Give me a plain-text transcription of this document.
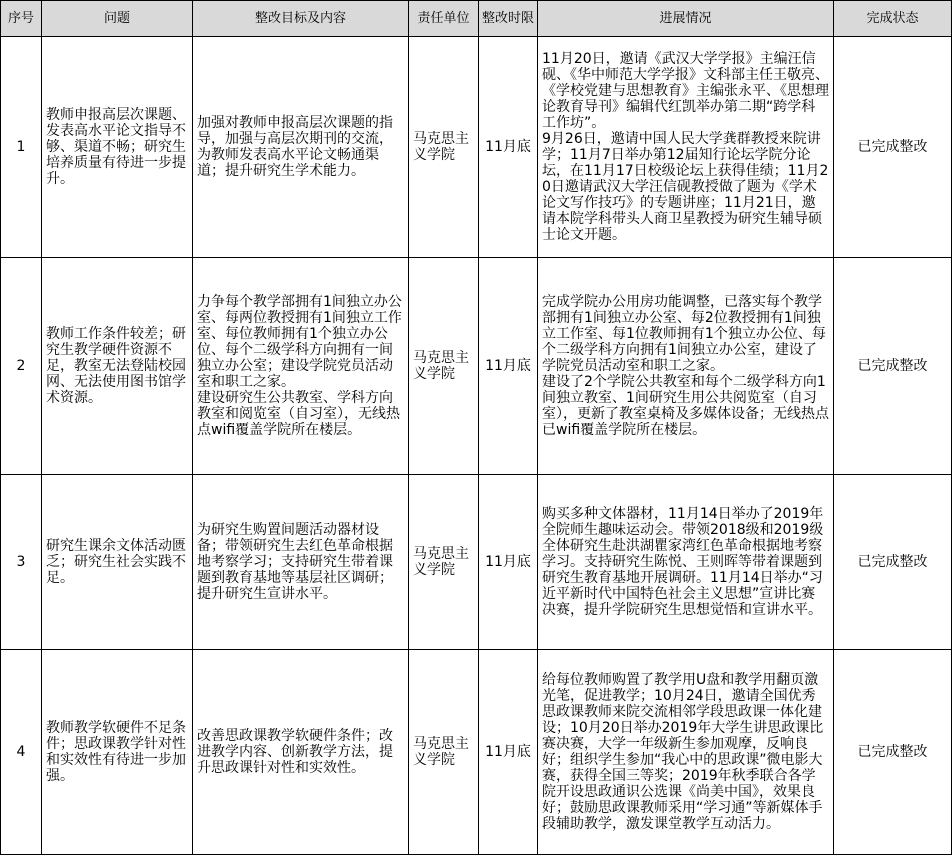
序号	问题	整改目标及内容	责任单位	整改时限	进展情况	完成状态
1	教师申报高层次课题、发表高水平论文指导不够、渠道不畅；研究生培养质量有待进一步提升。	加强对教师申报高层次课题的指导，加强与高层次期刊的交流，为教师发表高水平论文畅通渠道；提升研究生学术能力。	马克思主义学院	11月底	11月20日，邀请《武汉大学学报》主编汪信砚、《华中师范大学学报》文科部主任王敬亮、《学校党建与思想教育》主编张永平、《思想理论教育导刊》编辑代红凯举办第二期“跨学科工作坊”。
9月26日，邀请中国人民大学龚群教授来院讲学；11月7日举办第12届知行论坛学院分论坛，在11月17日校级论坛上获得佳绩；11月20日邀请武汉大学汪信砚教授做了题为《学术论文写作技巧》的专题讲座；11月21日，邀请本院学科带头人商卫星教授为研究生辅导硕士论文开题。	已完成整改
2	教师工作条件较差；研究生教学硬件资源不足，教室无法登陆校园网、无法使用图书馆学术资源。	力争每个教学部拥有1间独立办公室、每两位教授拥有1间独立工作室、每位教师拥有1个独立办公位、每个二级学科方向拥有一间独立办公室；建设学院党员活动室和职工之家。
建设研究生公共教室、学科方向教室和阅览室（自习室），无线热点wifi覆盖学院所在楼层。	马克思主义学院	11月底	完成学院办公用房功能调整，已落实每个教学部拥有1间独立办公室、每2位教授拥有1间独立工作室、每1位教师拥有1个独立办公位、每个二级学科方向拥有1间独立办公室，建设了学院党员活动室和职工之家。
建设了2个学院公共教室和每个二级学科方向1间独立教室、1间研究生用公共阅览室（自习室），更新了教室桌椅及多媒体设备；无线热点已wifi覆盖学院所在楼层。	已完成整改
3	研究生课余文体活动匮乏；研究生社会实践不足。	为研究生购置间题活动器材设备；带领研究生去红色革命根据地考察学习；支持研究生带着课题到教育基地等基层社区调研；提升研究生宣讲水平。	马克思主义学院	11月底	购买多种文体器材，11月14日举办了2019年全院师生趣味运动会。带领2018级和2019级全体研究生赴洪湖瞿家湾红色革命根据地考察学习。支持研究生陈悦、王则晖等带着课题到研究生教育基地开展调研。11月14日举办“习近平新时代中国特色社会主义思想”宣讲比赛决赛，提升学院研究生思想觉悟和宣讲水平。	已完成整改
4	教师教学软硬件不足条件；思政课教学针对性和实效性有待进一步加强。	改善思政课教学软硬件条件；改进教学内容、创新教学方法，提升思政课针对性和实效性。	马克思主义学院	11月底	给每位教师购置了教学用U盘和教学用翻页激光笔，促进教学；10月24日，邀请全国优秀思政课教师来院交流相邻学段思政课一体化建设；10月20日举办2019年大学生讲思政课比赛决赛，大学一年级新生参加观摩，反响良好；组织学生参加“我心中的思政课”微电影大赛，获得全国三等奖；2019年秋季联合各学院开设思政通识公选课《尚美中国》，效果良好；鼓励思政课教师采用“学习通”等新媒体手段辅助教学，激发课堂教学互动活力。	已完成整改
